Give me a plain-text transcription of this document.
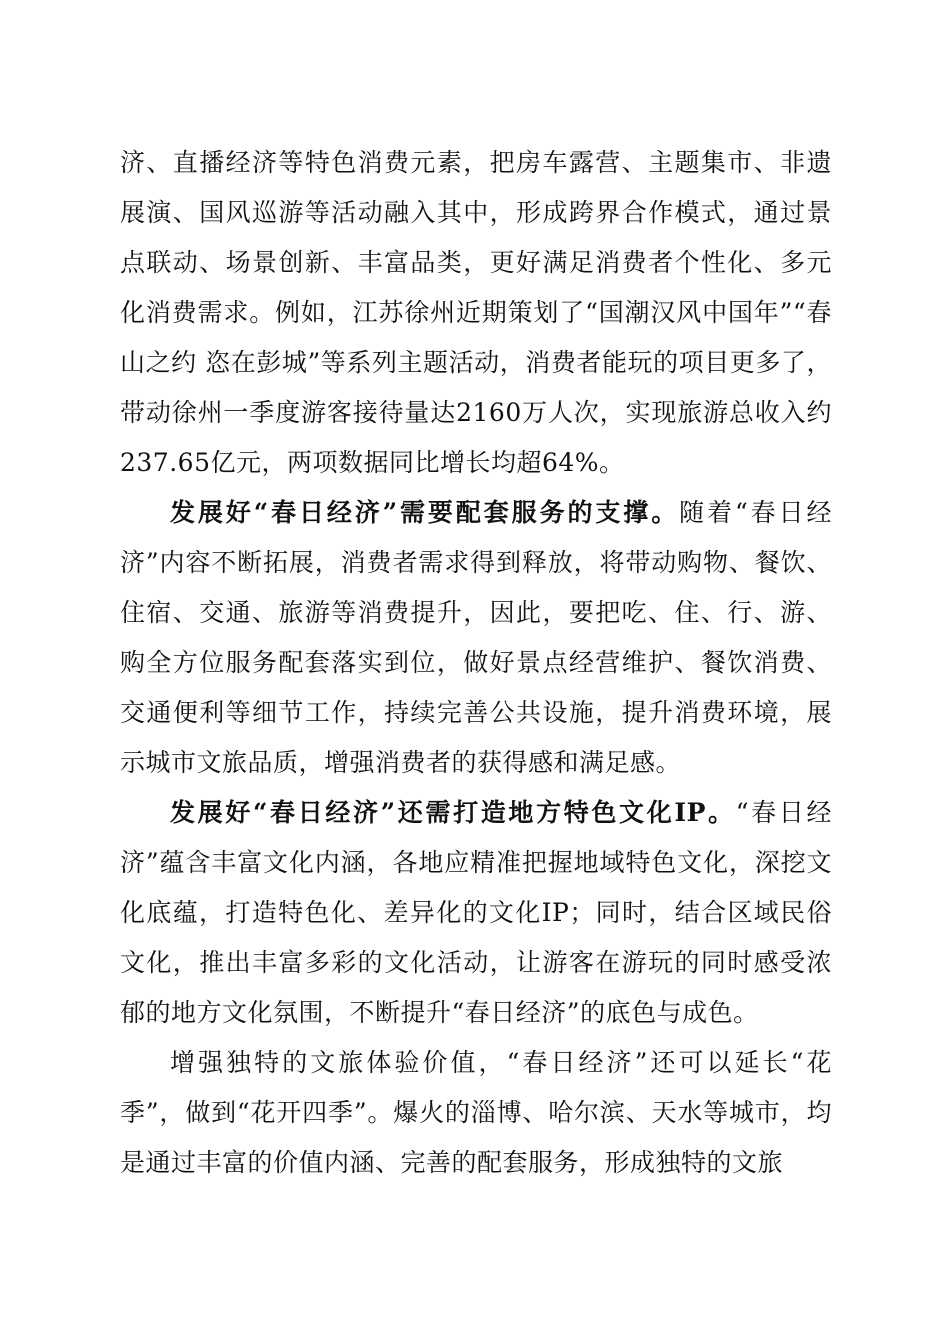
济、直播经济等特色消费元素，把房车露营、主题集市、非遗展演、国风巡游等活动融入其中，形成跨界合作模式，通过景点联动、场景创新、丰富品类，更好满足消费者个性化、多元化消费需求。例如，江苏徐州近期策划了“国潮汉风中国年”“春山之约 恣在彭城”等系列主题活动，消费者能玩的项目更多了，带动徐州一季度游客接待量达2160万人次，实现旅游总收入约237.65亿元，两项数据同比增长均超64%。

发展好“春日经济”需要配套服务的支撑。随着“春日经济”内容不断拓展，消费者需求得到释放，将带动购物、餐饮、住宿、交通、旅游等消费提升，因此，要把吃、住、行、游、购全方位服务配套落实到位，做好景点经营维护、餐饮消费、交通便利等细节工作，持续完善公共设施，提升消费环境，展示城市文旅品质，增强消费者的获得感和满足感。

发展好“春日经济”还需打造地方特色文化IP。“春日经济”蕴含丰富文化内涵，各地应精准把握地域特色文化，深挖文化底蕴，打造特色化、差异化的文化IP；同时，结合区域民俗文化，推出丰富多彩的文化活动，让游客在游玩的同时感受浓郁的地方文化氛围，不断提升“春日经济”的底色与成色。

增强独特的文旅体验价值，“春日经济”还可以延长“花季”，做到“花开四季”。爆火的淄博、哈尔滨、天水等城市，均是通过丰富的价值内涵、完善的配套服务，形成独特的文旅
